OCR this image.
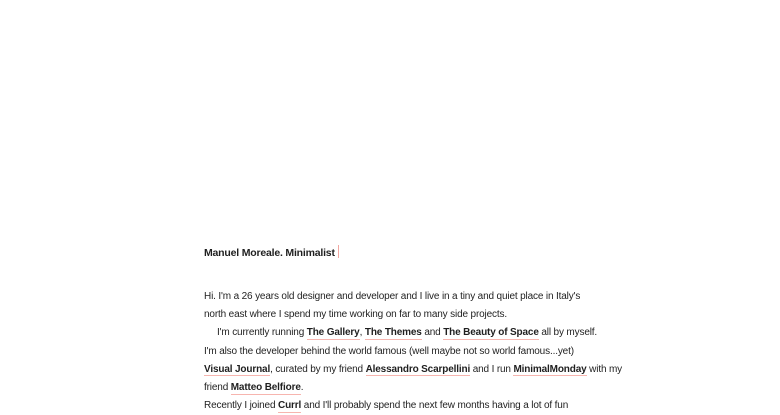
Manuel Moreale. Minimalist
Hi. I'm a 26 years old designer and developer and I live in a tiny and quiet place in Italy's
north east where I spend my time working on far to many side projects.
I'm currently running The Gallery, The Themes and The Beauty of Space all by myself.
I'm also the developer behind the world famous (well maybe not so world famous...yet)
Visual Journal, curated by my friend Alessandro Scarpellini and I run MinimalMonday with my
friend Matteo Belfiore.
Recently I joined Currl and I'll probably spend the next few months having a lot of fun
